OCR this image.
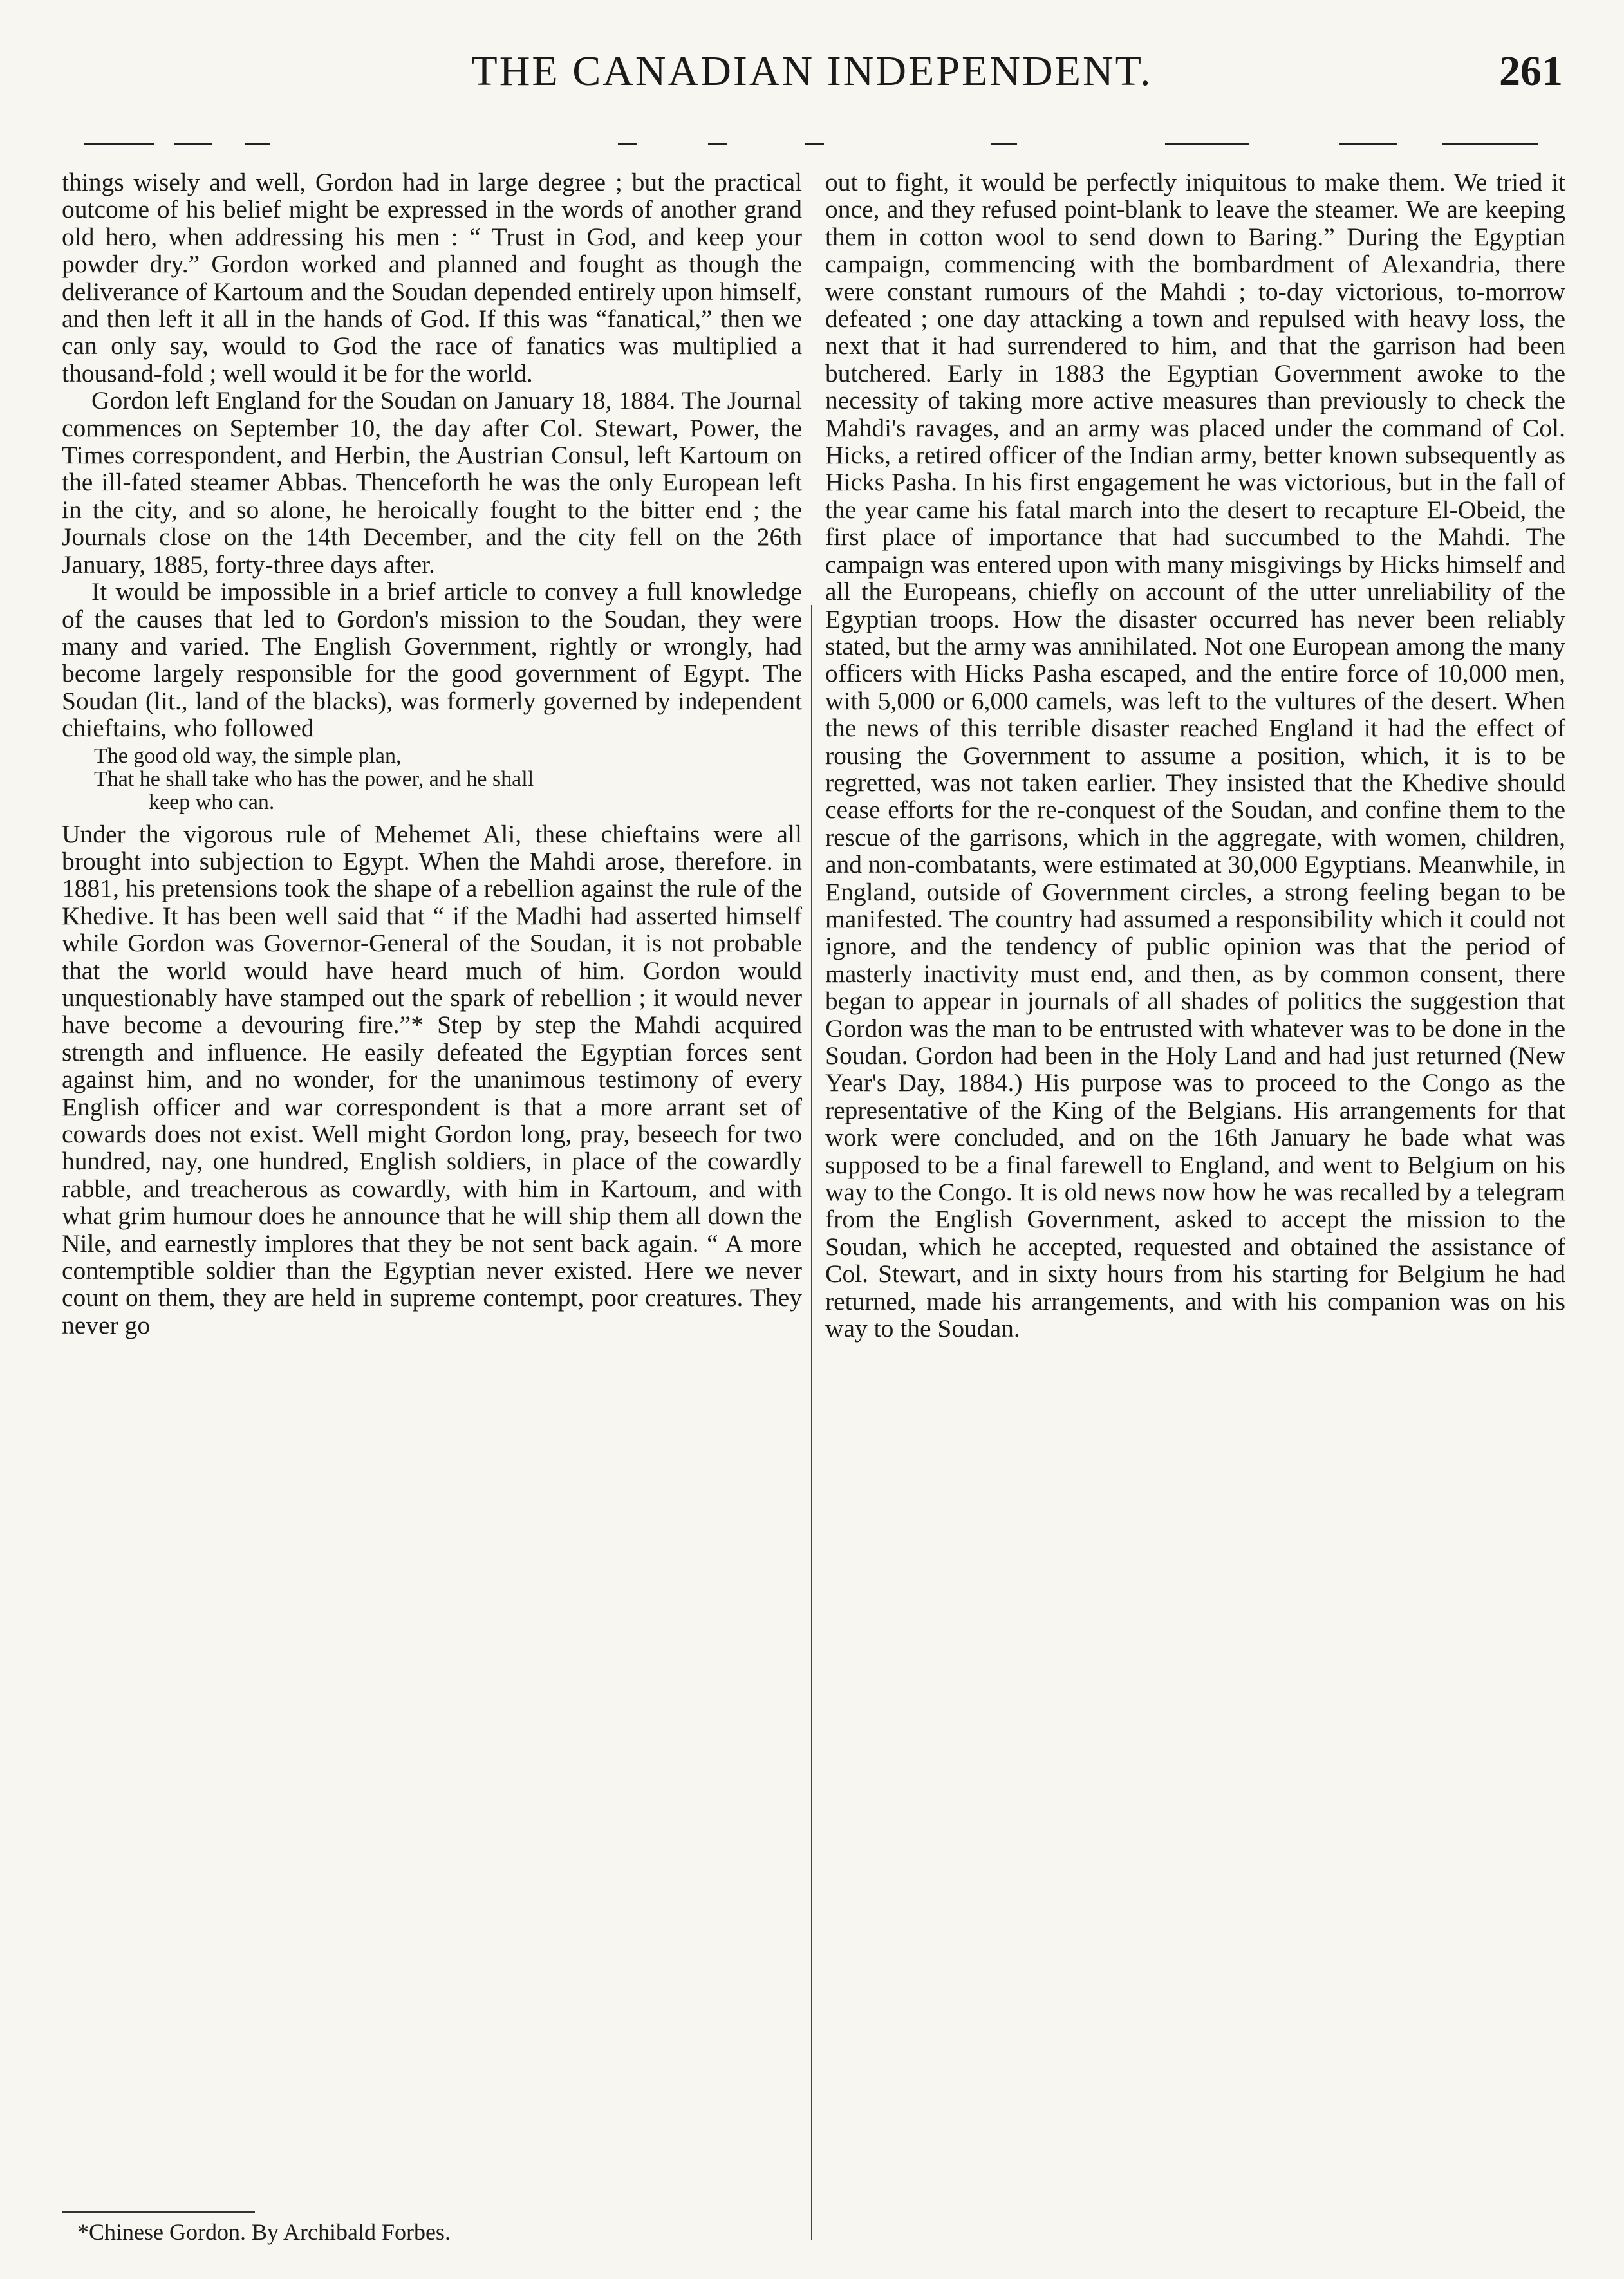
THE CANADIAN INDEPENDENT.	261

things wisely and well, Gordon had in large degree ; but the practical outcome of his belief might be expressed in the words of another grand old hero, when addressing his men : “ Trust in God, and keep your powder dry.” Gordon worked and planned and fought as though the deliverance of Kartoum and the Soudan depended entirely upon himself, and then left it all in the hands of God. If this was “fanatical,” then we can only say, would to God the race of fanatics was multiplied a thousand-fold ; well would it be for the world.

Gordon left England for the Soudan on January 18, 1884. The Journal commences on September 10, the day after Col. Stewart, Power, the Times correspondent, and Herbin, the Austrian Consul, left Kartoum on the ill-fated steamer Abbas. Thenceforth he was the only European left in the city, and so alone, he heroically fought to the bitter end ; the Journals close on the 14th December, and the city fell on the 26th January, 1885, forty-three days after.

It would be impossible in a brief article to convey a full knowledge of the causes that led to Gordon's mission to the Soudan, they were many and varied. The English Government, rightly or wrongly, had become largely responsible for the good government of Egypt. The Soudan (lit., land of the blacks), was formerly governed by independent chieftains, who followed

The good old way, the simple plan,
That he shall take who has the power, and he shall
keep who can.

Under the vigorous rule of Mehemet Ali, these chieftains were all brought into subjection to Egypt. When the Mahdi arose, therefore. in 1881, his pretensions took the shape of a rebellion against the rule of the Khedive. It has been well said that “ if the Madhi had asserted himself while Gordon was Governor-General of the Soudan, it is not probable that the world would have heard much of him. Gordon would unquestionably have stamped out the spark of rebellion ; it would never have become a devouring fire.”* Step by step the Mahdi acquired strength and influence. He easily defeated the Egyptian forces sent against him, and no wonder, for the unanimous testimony of every English officer and war correspondent is that a more arrant set of cowards does not exist. Well might Gordon long, pray, beseech for two hundred, nay, one hundred, English soldiers, in place of the cowardly rabble, and treacherous as cowardly, with him in Kartoum, and with what grim humour does he announce that he will ship them all down the Nile, and earnestly implores that they be not sent back again. “ A more contemptible soldier than the Egyptian never existed. Here we never count on them, they are held in supreme contempt, poor creatures. They never go

out to fight, it would be perfectly iniquitous to make them. We tried it once, and they refused point-blank to leave the steamer. We are keeping them in cotton wool to send down to Baring.” During the Egyptian campaign, commencing with the bombardment of Alexandria, there were constant rumours of the Mahdi ; to-day victorious, to-morrow defeated ; one day attacking a town and repulsed with heavy loss, the next that it had surrendered to him, and that the garrison had been butchered. Early in 1883 the Egyptian Government awoke to the necessity of taking more active measures than previously to check the Mahdi's ravages, and an army was placed under the command of Col. Hicks, a retired officer of the Indian army, better known subsequently as Hicks Pasha. In his first engagement he was victorious, but in the fall of the year came his fatal march into the desert to recapture El-Obeid, the first place of importance that had succumbed to the Mahdi. The campaign was entered upon with many misgivings by Hicks himself and all the Europeans, chiefly on account of the utter unreliability of the Egyptian troops. How the disaster occurred has never been reliably stated, but the army was annihilated. Not one European among the many officers with Hicks Pasha escaped, and the entire force of 10,000 men, with 5,000 or 6,000 camels, was left to the vultures of the desert. When the news of this terrible disaster reached England it had the effect of rousing the Government to assume a position, which, it is to be regretted, was not taken earlier. They insisted that the Khedive should cease efforts for the re-conquest of the Soudan, and confine them to the rescue of the garrisons, which in the aggregate, with women, children, and non-combatants, were estimated at 30,000 Egyptians. Meanwhile, in England, outside of Government circles, a strong feeling began to be manifested. The country had assumed a responsibility which it could not ignore, and the tendency of public opinion was that the period of masterly inactivity must end, and then, as by common consent, there began to appear in journals of all shades of politics the suggestion that Gordon was the man to be entrusted with whatever was to be done in the Soudan. Gordon had been in the Holy Land and had just returned (New Year's Day, 1884.) His purpose was to proceed to the Congo as the representative of the King of the Belgians. His arrangements for that work were concluded, and on the 16th January he bade what was supposed to be a final farewell to England, and went to Belgium on his way to the Congo. It is old news now how he was recalled by a telegram from the English Government, asked to accept the mission to the Soudan, which he accepted, requested and obtained the assistance of Col. Stewart, and in sixty hours from his starting for Belgium he had returned, made his arrangements, and with his companion was on his way to the Soudan.

*Chinese Gordon. By Archibald Forbes.
